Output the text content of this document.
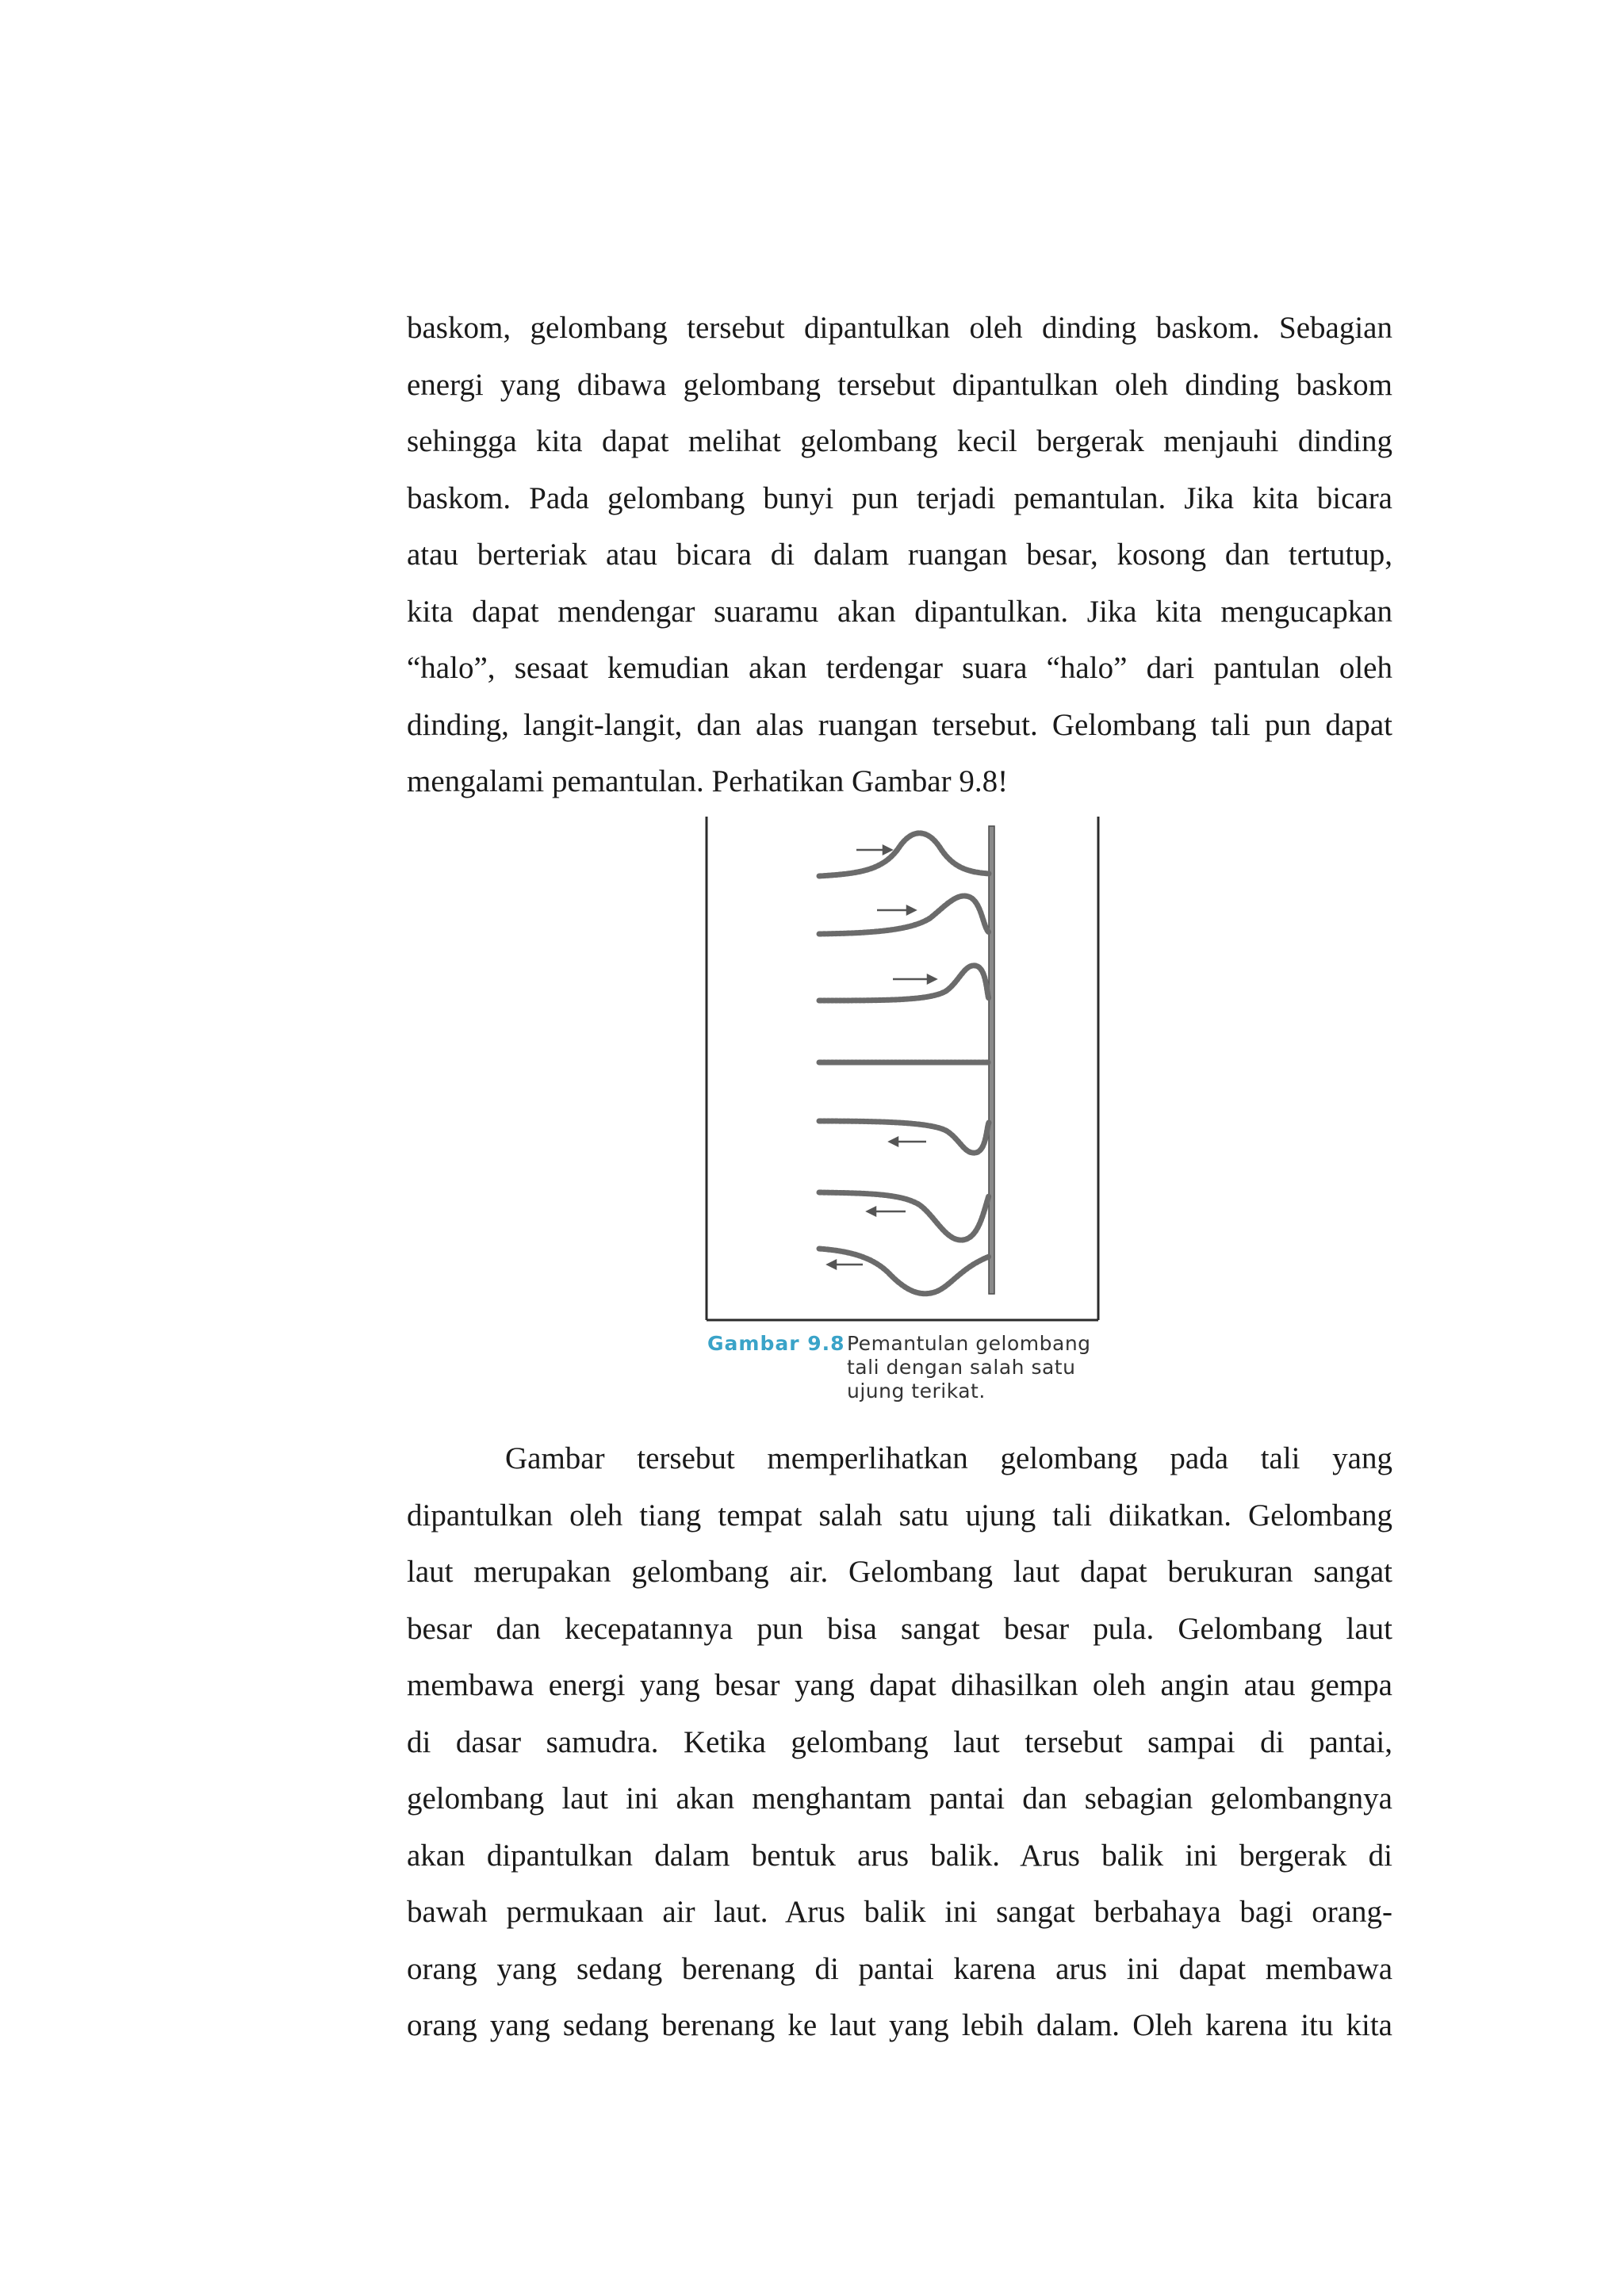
baskom, gelombang tersebut dipantulkan oleh dinding baskom. Sebagian
energi yang dibawa gelombang tersebut dipantulkan oleh dinding baskom
sehingga kita dapat melihat gelombang kecil bergerak menjauhi dinding
baskom. Pada gelombang bunyi pun terjadi pemantulan. Jika kita bicara
atau berteriak atau bicara di dalam ruangan besar, kosong dan tertutup,
kita dapat mendengar suaramu akan dipantulkan. Jika kita mengucapkan
“halo”, sesaat kemudian akan terdengar suara “halo” dari pantulan oleh
dinding, langit-langit, dan alas ruangan tersebut. Gelombang tali pun dapat
mengalami pemantulan. Perhatikan Gambar 9.8!
Gambar 9.8 Pemantulan gelombang
tali dengan salah satu
ujung terikat.
Gambar tersebut memperlihatkan gelombang pada tali yang
dipantulkan oleh tiang tempat salah satu ujung tali diikatkan. Gelombang
laut merupakan gelombang air. Gelombang laut dapat berukuran sangat
besar dan kecepatannya pun bisa sangat besar pula. Gelombang laut
membawa energi yang besar yang dapat dihasilkan oleh angin atau gempa
di dasar samudra. Ketika gelombang laut tersebut sampai di pantai,
gelombang laut ini akan menghantam pantai dan sebagian gelombangnya
akan dipantulkan dalam bentuk arus balik. Arus balik ini bergerak di
bawah permukaan air laut. Arus balik ini sangat berbahaya bagi orang-
orang yang sedang berenang di pantai karena arus ini dapat membawa
orang yang sedang berenang ke laut yang lebih dalam. Oleh karena itu kita
